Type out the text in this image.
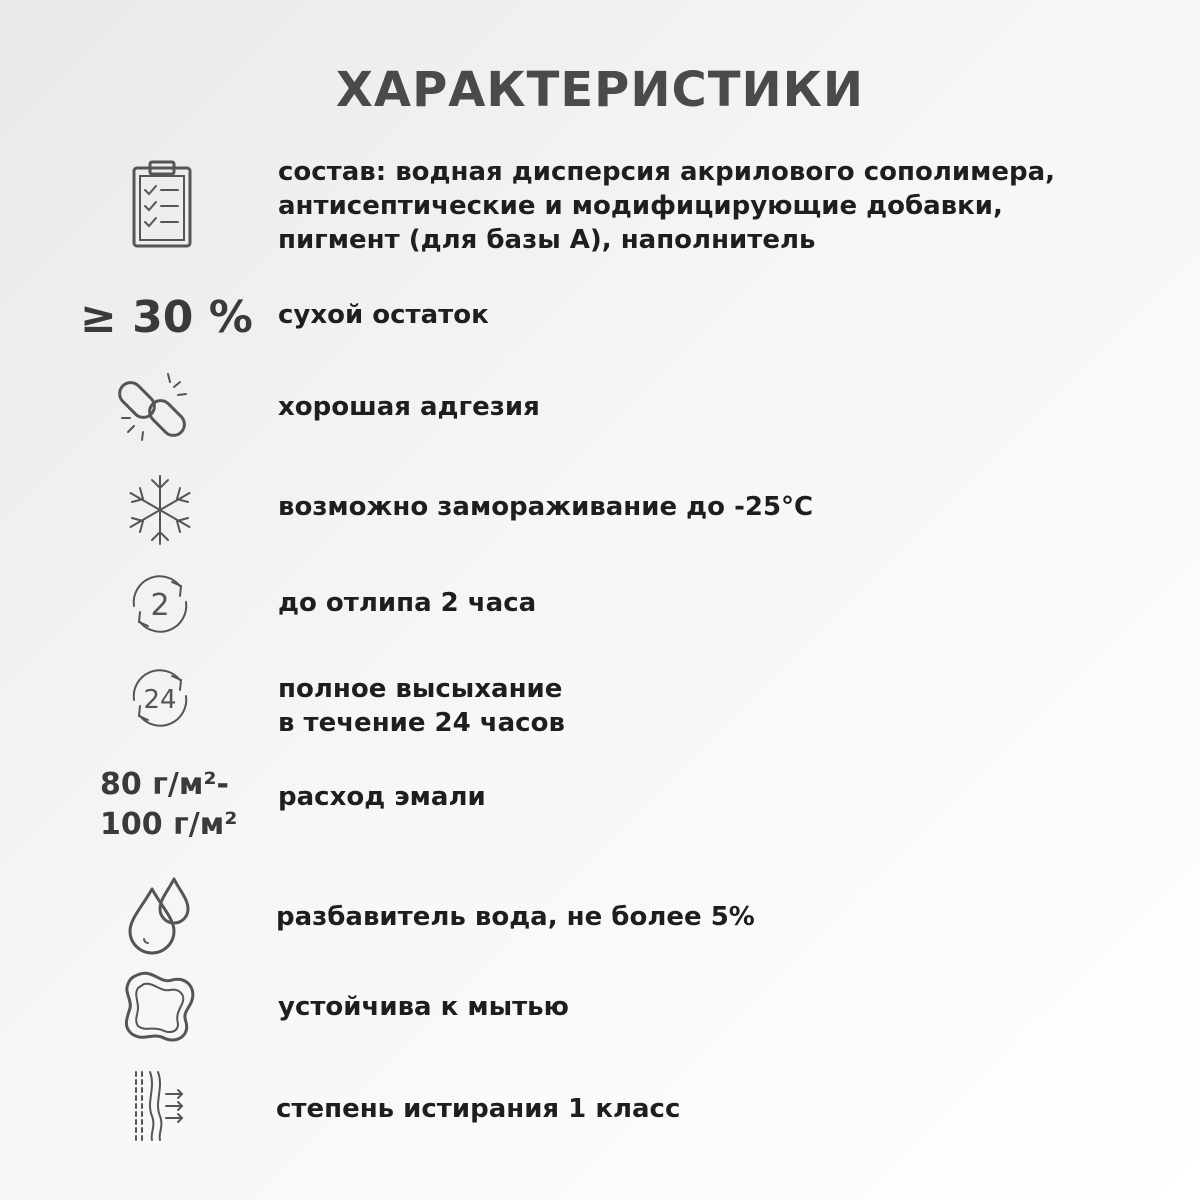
ХАРАКТЕРИСТИКИ
состав: водная дисперсия акрилового сополимера,
антисептические и модифицирующие добавки,
пигмент (для базы А), наполнитель
≥ 30 % сухой остаток
хорошая адгезия
возможно замораживание до -25°С
2	до отлипа 2 часа
24	полное высыхание
в течение 24 часов
80 г/м²-
100 г/м²
расход эмали
разбавитель вода, не более 5%
устойчива к мытью
степень истирания 1 класс
